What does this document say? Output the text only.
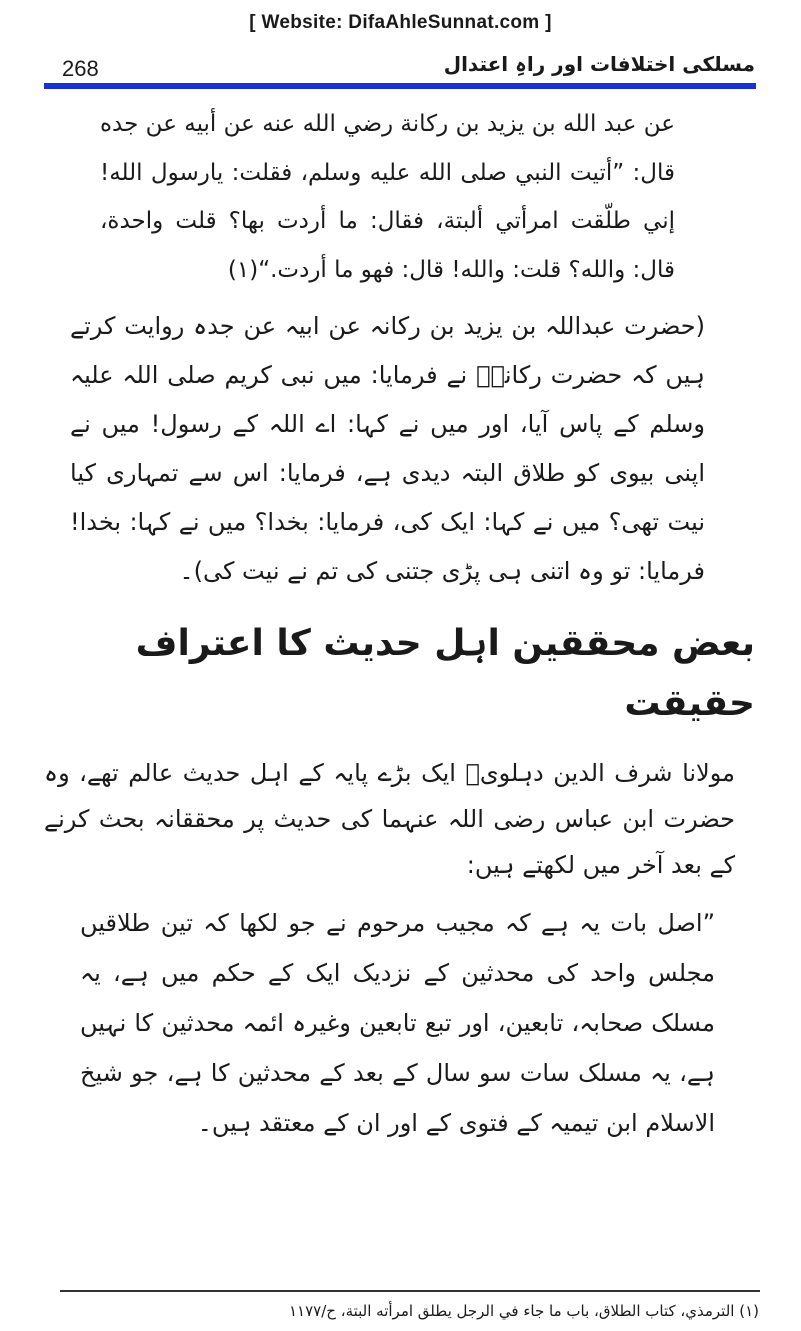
[ Website: DifaAhleSunnat.com ]
268	مسلکی اختلافات اور راہِ اعتدال

عن عبد الله بن يزيد بن ركانة رضي الله عنه عن أبيه عن جده قال: ”أتيت النبي صلى الله عليه وسلم، فقلت: يارسول الله! إني طلّقت امرأتي ألبتة، فقال: ما أردت بها؟ قلت واحدة، قال: والله؟ قلت: والله! قال: فهو ما أردت.“(١)

(حضرت عبداللہ بن یزید بن رکانہ عن ابیہ عن جدہ روایت کرتے ہیں کہ حضرت رکانہؓ نے فرمایا: میں نبی کریم صلی اللہ علیہ وسلم کے پاس آیا، اور میں نے کہا: اے اللہ کے رسول! میں نے اپنی بیوی کو طلاق البتہ دیدی ہے، فرمایا: اس سے تمہاری کیا نیت تھی؟ میں نے کہا: ایک کی، فرمایا: بخدا؟ میں نے کہا: بخدا! فرمایا: تو وہ اتنی ہی پڑی جتنی کی تم نے نیت کی)۔

بعض محققین اہل حدیث کا اعتراف حقیقت

مولانا شرف الدین دہلویؒ ایک بڑے پایہ کے اہل حدیث عالم تھے، وہ حضرت ابن عباس رضی اللہ عنہما کی حدیث پر محققانہ بحث کرنے کے بعد آخر میں لکھتے ہیں:

”اصل بات یہ ہے کہ مجیب مرحوم نے جو لکھا کہ تین طلاقیں مجلس واحد کی محدثین کے نزدیک ایک کے حکم میں ہے، یہ مسلک صحابہ، تابعین، اور تبع تابعین وغیرہ ائمہ محدثین کا نہیں ہے، یہ مسلک سات سو سال کے بعد کے محدثین کا ہے، جو شیخ الاسلام ابن تیمیہ کے فتوی کے اور ان کے معتقد ہیں۔

(١) الترمذي، كتاب الطلاق، باب ما جاء في الرجل يطلق امرأته البتة، ح/١١٧٧
